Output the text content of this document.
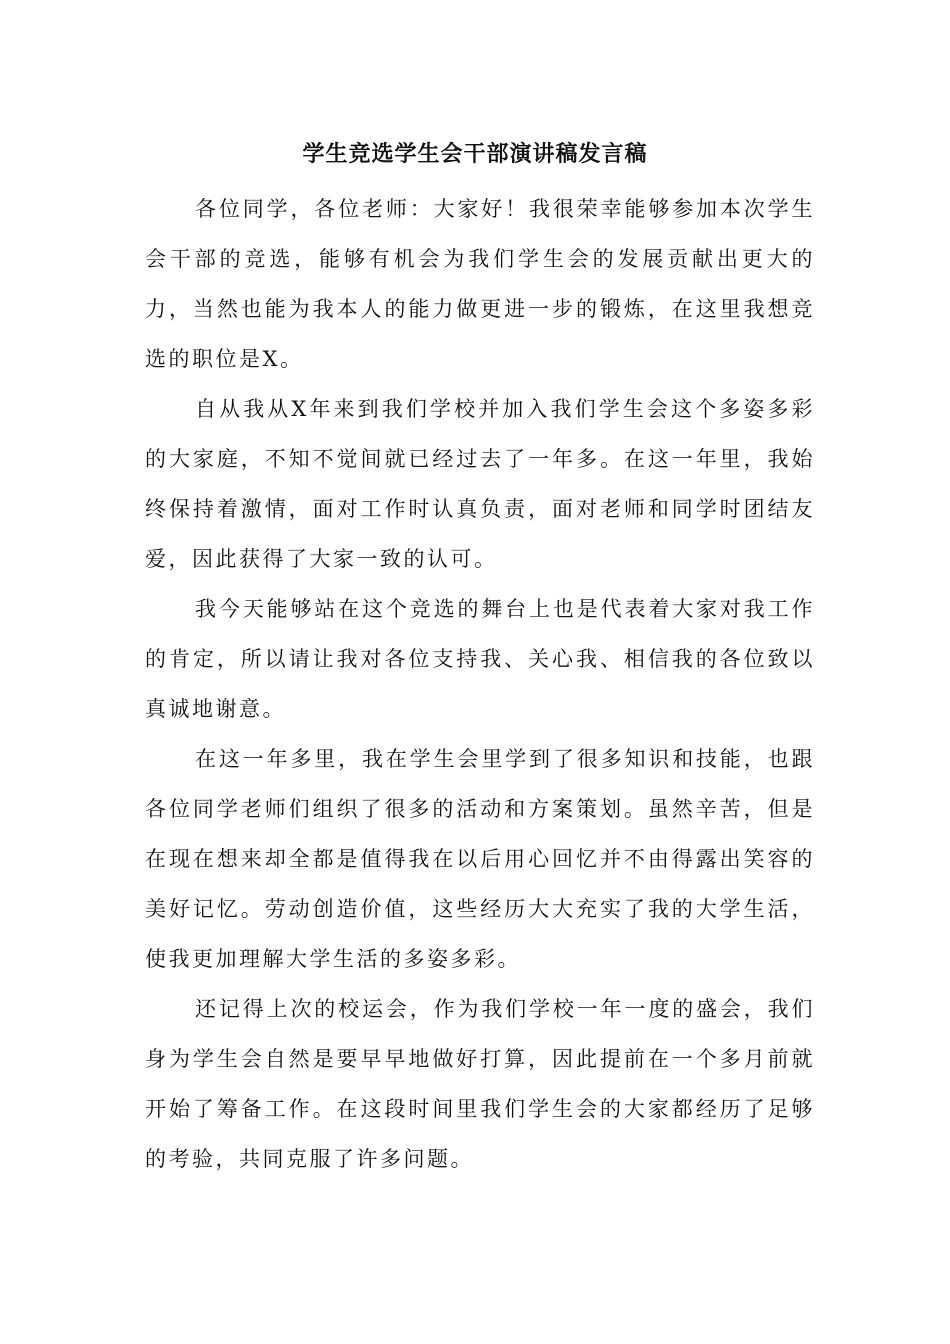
学生竞选学生会干部演讲稿发言稿

各位同学，各位老师：大家好！我很荣幸能够参加本次学生会干部的竞选，能够有机会为我们学生会的发展贡献出更大的力，当然也能为我本人的能力做更进一步的锻炼，在这里我想竞选的职位是X。

自从我从X年来到我们学校并加入我们学生会这个多姿多彩的大家庭，不知不觉间就已经过去了一年多。在这一年里，我始终保持着激情，面对工作时认真负责，面对老师和同学时团结友爱，因此获得了大家一致的认可。

我今天能够站在这个竞选的舞台上也是代表着大家对我工作的肯定，所以请让我对各位支持我、关心我、相信我的各位致以真诚地谢意。

在这一年多里，我在学生会里学到了很多知识和技能，也跟各位同学老师们组织了很多的活动和方案策划。虽然辛苦，但是在现在想来却全都是值得我在以后用心回忆并不由得露出笑容的美好记忆。劳动创造价值，这些经历大大充实了我的大学生活，使我更加理解大学生活的多姿多彩。

还记得上次的校运会，作为我们学校一年一度的盛会，我们身为学生会自然是要早早地做好打算，因此提前在一个多月前就开始了筹备工作。在这段时间里我们学生会的大家都经历了足够的考验，共同克服了许多问题。
